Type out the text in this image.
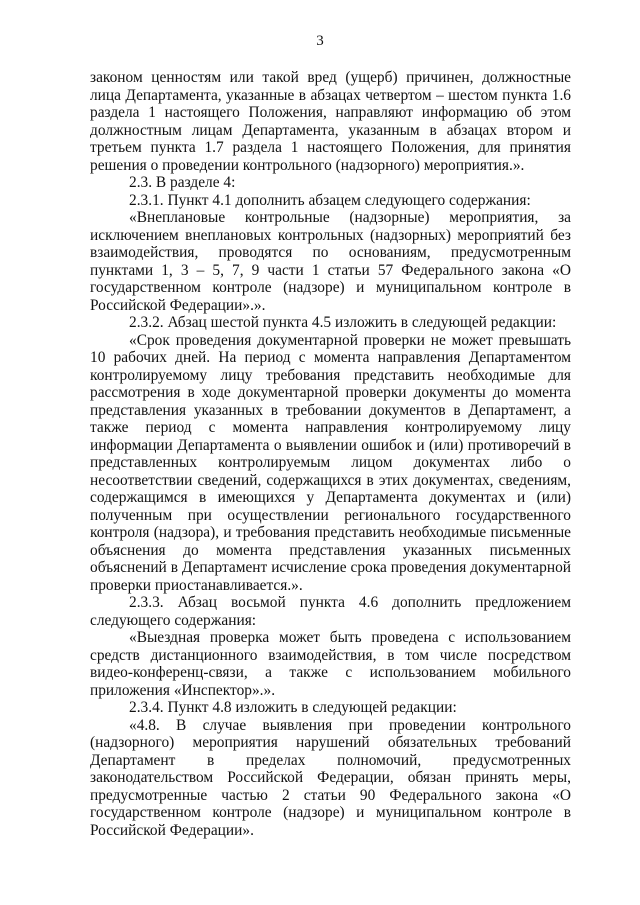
3

законом ценностям или такой вред (ущерб) причинен, должностные лица Департамента, указанные в абзацах четвертом – шестом пункта 1.6 раздела 1 настоящего Положения, направляют информацию об этом должностным лицам Департамента, указанным в абзацах втором и третьем пункта 1.7 раздела 1 настоящего Положения, для принятия решения о проведении контрольного (надзорного) мероприятия.».

2.3. В разделе 4:

2.3.1. Пункт 4.1 дополнить абзацем следующего содержания:

«Внеплановые контрольные (надзорные) мероприятия, за исключением внеплановых контрольных (надзорных) мероприятий без взаимодействия, проводятся по основаниям, предусмотренным пунктами 1, 3 – 5, 7, 9 части 1 статьи 57 Федерального закона «О государственном контроле (надзоре) и муниципальном контроле в Российской Федерации».».

2.3.2. Абзац шестой пункта 4.5 изложить в следующей редакции:

«Срок проведения документарной проверки не может превышать 10 рабочих дней. На период с момента направления Департаментом контролируемому лицу требования представить необходимые для рассмотрения в ходе документарной проверки документы до момента представления указанных в требовании документов в Департамент, а также период с момента направления контролируемому лицу информации Департамента о выявлении ошибок и (или) противоречий в представленных контролируемым лицом документах либо о несоответствии сведений, содержащихся в этих документах, сведениям, содержащимся в имеющихся у Департамента документах и (или) полученным при осуществлении регионального государственного контроля (надзора), и требования представить необходимые письменные объяснения до момента представления указанных письменных объяснений в Департамент исчисление срока проведения документарной проверки приостанавливается.».

2.3.3. Абзац восьмой пункта 4.6 дополнить предложением следующего содержания:

«Выездная проверка может быть проведена с использованием средств дистанционного взаимодействия, в том числе посредством видео-конференц-связи, а также с использованием мобильного приложения «Инспектор».».

2.3.4. Пункт 4.8 изложить в следующей редакции:

«4.8. В случае выявления при проведении контрольного (надзорного) мероприятия нарушений обязательных требований Департамент в пределах полномочий, предусмотренных законодательством Российской Федерации, обязан принять меры, предусмотренные частью 2 статьи 90 Федерального закона «О государственном контроле (надзоре) и муниципальном контроле в Российской Федерации».
